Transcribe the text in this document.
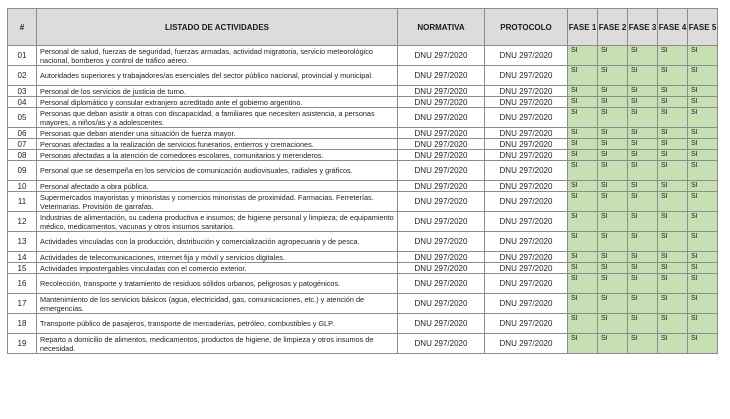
#	LISTADO DE ACTIVIDADES	NORMATIVA	PROTOCOLO	FASE 1	FASE 2	FASE 3	FASE 4	FASE 5
01	Personal de salud, fuerzas de seguridad, fuerzas armadas, actividad migratoria, servicio meteorológico nacional, bomberos y control de tráfico aéreo.	DNU 297/2020	DNU 297/2020	SI	SI	SI	SI	SI
02	Autoridades superiores y trabajadores/as esenciales del sector público nacional, provincial y municipal.	DNU 297/2020	DNU 297/2020	SI	SI	SI	SI	SI
03	Personal de los servicios de justicia de turno.	DNU 297/2020	DNU 297/2020	SI	SI	SI	SI	SI
04	Personal diplomático y consular extranjero acreditado ante el gobierno argentino.	DNU 297/2020	DNU 297/2020	SI	SI	SI	SI	SI
05	Personas que deban asistir a otras con discapacidad, a familiares que necesiten asistencia, a personas mayores, a niños/as y a adolescentes.	DNU 297/2020	DNU 297/2020	SI	SI	SI	SI	SI
06	Personas que deban atender una situación de fuerza mayor.	DNU 297/2020	DNU 297/2020	SI	SI	SI	SI	SI
07	Personas afectadas a la realización de servicios funerarios, entierros y cremaciones.	DNU 297/2020	DNU 297/2020	SI	SI	SI	SI	SI
08	Personas afectadas a la atención de comedores escolares, comunitarios y merenderos.	DNU 297/2020	DNU 297/2020	SI	SI	SI	SI	SI
09	Personal que se desempeña en los servicios de comunicación audiovisuales, radiales y gráficos.	DNU 297/2020	DNU 297/2020	SI	SI	SI	SI	SI
10	Personal afectado a obra pública.	DNU 297/2020	DNU 297/2020	SI	SI	SI	SI	SI
11	Supermercados mayoristas y minoristas y comercios minoristas de proximidad. Farmacias. Ferreterías. Veterinarias. Provisión de garrafas.	DNU 297/2020	DNU 297/2020	SI	SI	SI	SI	SI
12	Industrias de alimentación, su cadena productiva e insumos; de higiene personal y limpieza; de equipamiento médico, medicamentos, vacunas y otros insumos sanitarios.	DNU 297/2020	DNU 297/2020	SI	SI	SI	SI	SI
13	Actividades vinculadas con la producción, distribución y comercialización agropecuaria y de pesca.	DNU 297/2020	DNU 297/2020	SI	SI	SI	SI	SI
14	Actividades de telecomunicaciones, internet fija y móvil y servicios digitales.	DNU 297/2020	DNU 297/2020	SI	SI	SI	SI	SI
15	Actividades impostergables vinculadas con el comercio exterior.	DNU 297/2020	DNU 297/2020	SI	SI	SI	SI	SI
16	Recolección, transporte y tratamiento de residuos sólidos urbanos, peligrosos y patogénicos.	DNU 297/2020	DNU 297/2020	SI	SI	SI	SI	SI
17	Mantenimiento de los servicios básicos (agua, electricidad, gas, comunicaciones, etc.) y atención de emergencias.	DNU 297/2020	DNU 297/2020	SI	SI	SI	SI	SI
18	Transporte público de pasajeros, transporte de mercaderías, petróleo, combustibles y GLP.	DNU 297/2020	DNU 297/2020	SI	SI	SI	SI	SI
19	Reparto a domicilio de alimentos, medicamentos, productos de higiene, de limpieza y otros insumos de necesidad.	DNU 297/2020	DNU 297/2020	SI	SI	SI	SI	SI
